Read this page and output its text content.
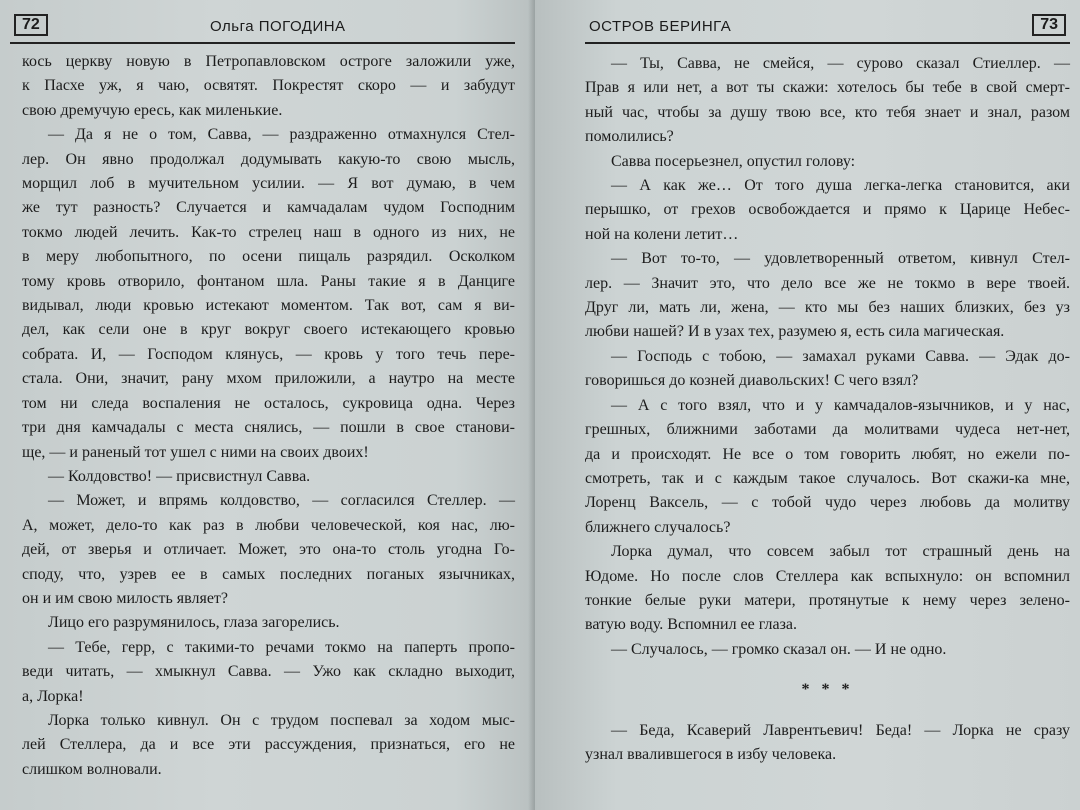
72	Ольга ПОГОДИНА
кось церкву новую в Петропавловском остроге заложили уже,
к Пасхе уж, я чаю, освятят. Покрестят скоро — и забудут
свою дремучую ересь, как миленькие.
— Да я не о том, Савва, — раздраженно отмахнулся Стел-
лер. Он явно продолжал додумывать какую-то свою мысль,
морщил лоб в мучительном усилии. — Я вот думаю, в чем
же тут разность? Случается и камчадалам чудом Господним
токмо людей лечить. Как-то стрелец наш в одного из них, не
в меру любопытного, по осени пищаль разрядил. Осколком
тому кровь отворило, фонтаном шла. Раны такие я в Данциге
видывал, люди кровью истекают моментом. Так вот, сам я ви-
дел, как сели оне в круг вокруг своего истекающего кровью
собрата. И, — Господом клянусь, — кровь у того течь пере-
стала. Они, значит, рану мхом приложили, а наутро на месте
том ни следа воспаления не осталось, сукровица одна. Через
три дня камчадалы с места снялись, — пошли в свое станови-
ще, — и раненый тот ушел с ними на своих двоих!
— Колдовство! — присвистнул Савва.
— Может, и впрямь колдовство, — согласился Стеллер. —
А, может, дело-то как раз в любви человеческой, коя нас, лю-
дей, от зверья и отличает. Может, это она-то столь угодна Го-
споду, что, узрев ее в самых последних поганых язычниках,
он и им свою милость являет?
Лицо его разрумянилось, глаза загорелись.
— Тебе, герр, с такими-то речами токмо на паперть пропо-
веди читать, — хмыкнул Савва. — Ужо как складно выходит,
а, Лорка!
Лорка только кивнул. Он с трудом поспевал за ходом мыс-
лей Стеллера, да и все эти рассуждения, признаться, его не
слишком волновали.
ОСТРОВ БЕРИНГА	73
— Ты, Савва, не смейся, — сурово сказал Стиеллер. —
Прав я или нет, а вот ты скажи: хотелось бы тебе в свой смерт-
ный час, чтобы за душу твою все, кто тебя знает и знал, разом
помолились?
Савва посерьезнел, опустил голову:
— А как же… От того душа легка-легка становится, аки
перышко, от грехов освобождается и прямо к Царице Небес-
ной на колени летит…
— Вот то-то, — удовлетворенный ответом, кивнул Стел-
лер. — Значит это, что дело все же не токмо в вере твоей.
Друг ли, мать ли, жена, — кто мы без наших близких, без уз
любви нашей? И в узах тех, разумею я, есть сила магическая.
— Господь с тобою, — замахал руками Савва. — Эдак до-
говоришься до козней диавольских! С чего взял?
— А с того взял, что и у камчадалов-язычников, и у нас,
грешных, ближними заботами да молитвами чудеса нет-нет,
да и происходят. Не все о том говорить любят, но ежели по-
смотреть, так и с каждым такое случалось. Вот скажи-ка мне,
Лоренц Ваксель, — с тобой чудо через любовь да молитву
ближнего случалось?
Лорка думал, что совсем забыл тот страшный день на
Юдоме. Но после слов Стеллера как вспыхнуло: он вспомнил
тонкие белые руки матери, протянутые к нему через зелено-
ватую воду. Вспомнил ее глаза.
— Случалось, — громко сказал он. — И не одно.
* * *
— Беда, Ксаверий Лаврентьевич! Беда! — Лорка не сразу
узнал ввалившегося в избу человека.
